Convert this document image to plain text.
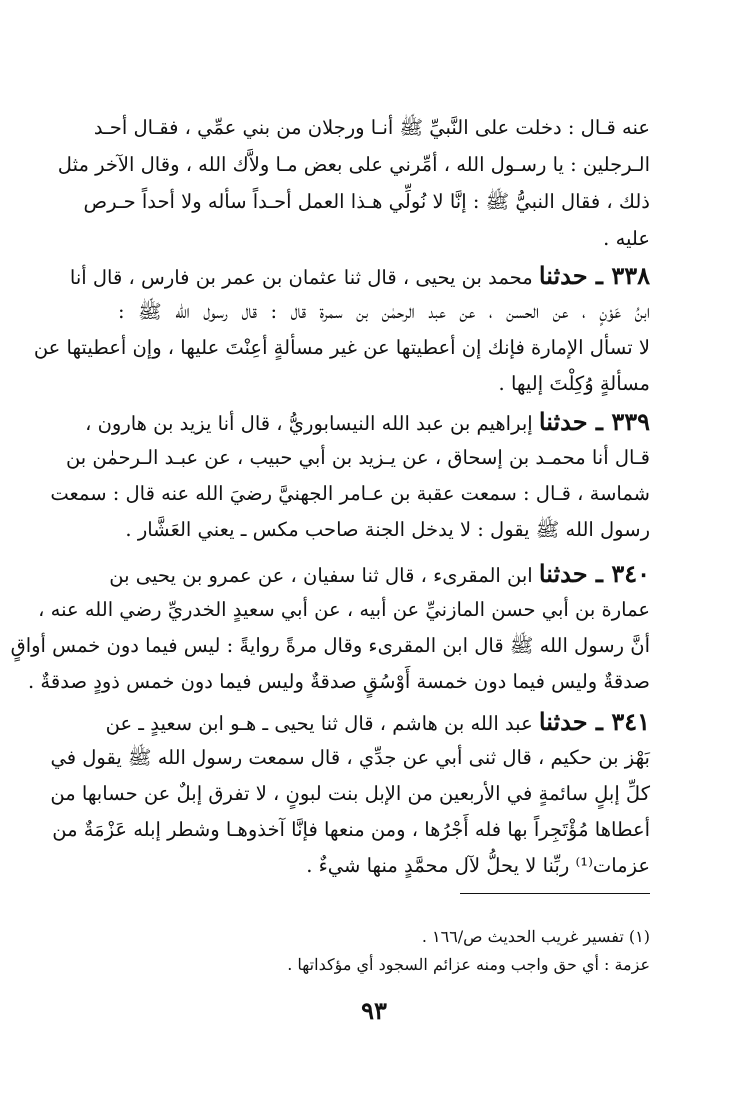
عنه قـال : دخلت على النَّبيِّ ﷺ أنـا ورجلان من بني عمِّي ، فقـال أحـد
الـرجلين : يا رسـول الله ، أمِّرني على بعض مـا ولاَّك الله ، وقال الآخر مثل
ذلك ، فقال النبيُّ ﷺ : إنَّا لا نُولِّي هـذا العمل أحـداً سأله ولا أحداً حـرص
عليه .
٣٣٨ ـ حدثنا محمد بن يحيى ، قال ثنا عثمان بن عمر بن فارس ، قال أنا
ابنُ عَوْنٍ ، عن الحسن ، عن عبد الرحمٰن بن سمرة قال : قال رسول الله ﷺ :
لا تسأل الإمارة فإنك إن أعطيتها عن غير مسألةٍ أعِنْتَ عليها ، وإن أعطيتها عن
مسألةٍ وُكِلْتَ إليها .
٣٣٩ ـ حدثنا إبراهيم بن عبد الله النيسابوريُّ ، قال أنا يزيد بن هارون ،
قـال أنا محمـد بن إسحاق ، عن يـزيد بن أبي حبيب ، عن عبـد الـرحمٰن بن
شماسة ، قـال : سمعت عقبة بن عـامر الجهنيَّ رضيَ الله عنه قال : سمعت
رسول الله ﷺ يقول : لا يدخل الجنة صاحب مكس ـ يعني العَشَّار .
٣٤٠ ـ حدثنا ابن المقرىء ، قال ثنا سفيان ، عن عمرو بن يحيى بن
عمارة بن أبي حسن المازنيِّ عن أبيه ، عن أبي سعيدٍ الخدريِّ رضي الله عنه ،
أنَّ رسول الله ﷺ قال ابن المقرىء وقال مرةً روايةً : ليس فيما دون خمس أواقٍ
صدقةٌ وليس فيما دون خمسة أَوْسُقٍ صدقةٌ وليس فيما دون خمس ذودٍ صدقةٌ .
٣٤١ ـ حدثنا عبد الله بن هاشم ، قال ثنا يحيى ـ هـو ابن سعيدٍ ـ عن
بَهْز بن حكيم ، قال ثنى أبي عن جدِّي ، قال سمعت رسول الله ﷺ يقول في
كلِّ إبلٍ سائمةٍ في الأربعين من الإبل بنت لبونٍ ، لا تفرق إبلٌ عن حسابها من
أعطاها مُؤْتَجِراً بها فله أَجْرُها ، ومن منعها فإنَّا آخذوهـا وشطر إبله عَزْمَةٌ من
عزمات⁽¹⁾ ربِّنا لا يحلُّ لآل محمَّدٍ منها شيءٌ .
(١) تفسير غريب الحديث ص/١٦٦ .
عزمة : أي حق واجب ومنه عزائم السجود أي مؤكداتها .
٩٣
